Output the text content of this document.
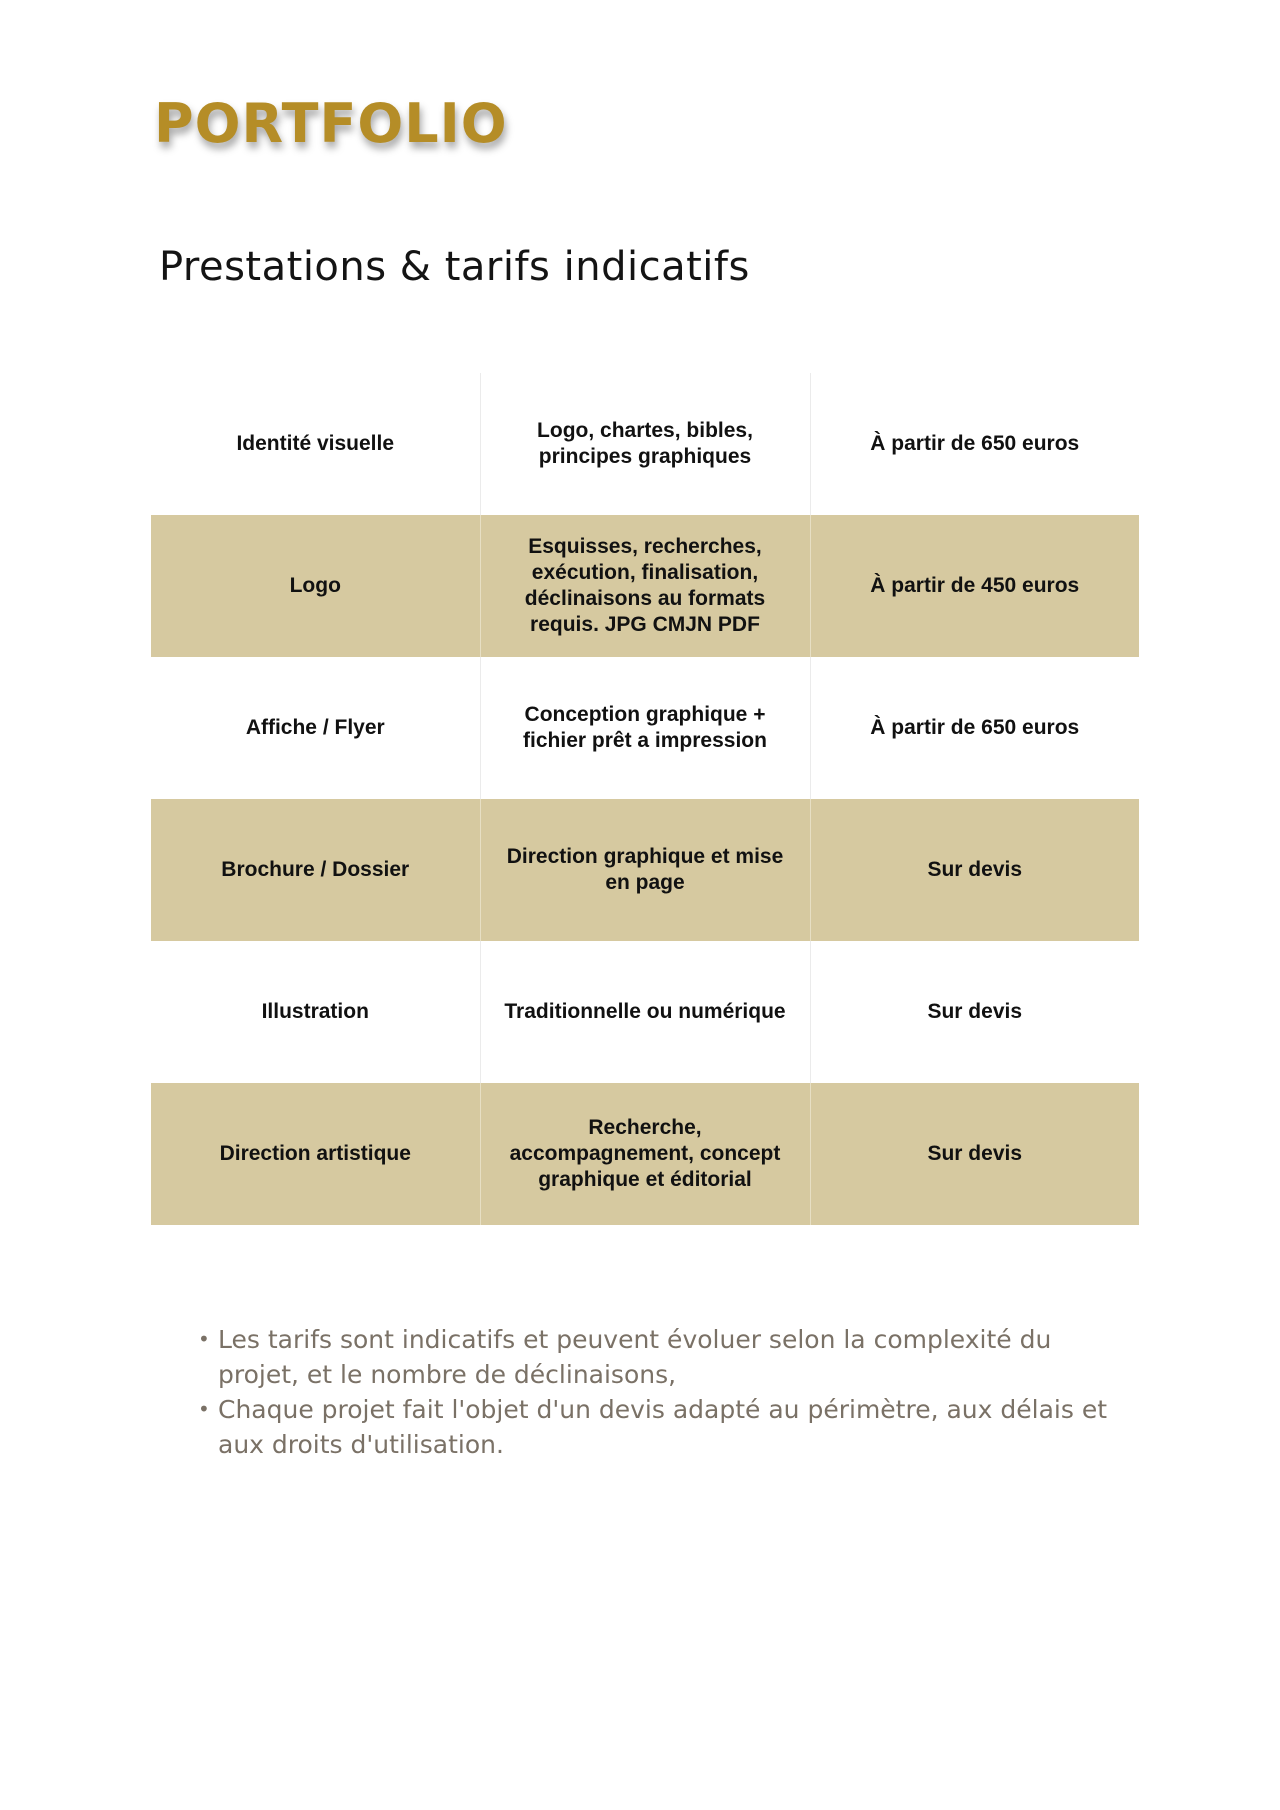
PORTFOLIO
Prestations & tarifs indicatifs
Identité visuelle	Logo, chartes, bibles, principes graphiques	À partir de 650 euros
Logo	Esquisses, recherches, exécution, finalisation, déclinaisons au formats requis. JPG CMJN PDF	À partir de 450 euros
Affiche / Flyer	Conception graphique + fichier prêt a impression	À partir de 650 euros
Brochure / Dossier	Direction graphique et mise en page	Sur devis
Illustration	Traditionnelle ou numérique	Sur devis
Direction artistique	Recherche, accompagnement, concept graphique et éditorial	Sur devis
• Les tarifs sont indicatifs et peuvent évoluer selon la complexité du projet, et le nombre de déclinaisons,
• Chaque projet fait l'objet d'un devis adapté au périmètre, aux délais et aux droits d'utilisation.
